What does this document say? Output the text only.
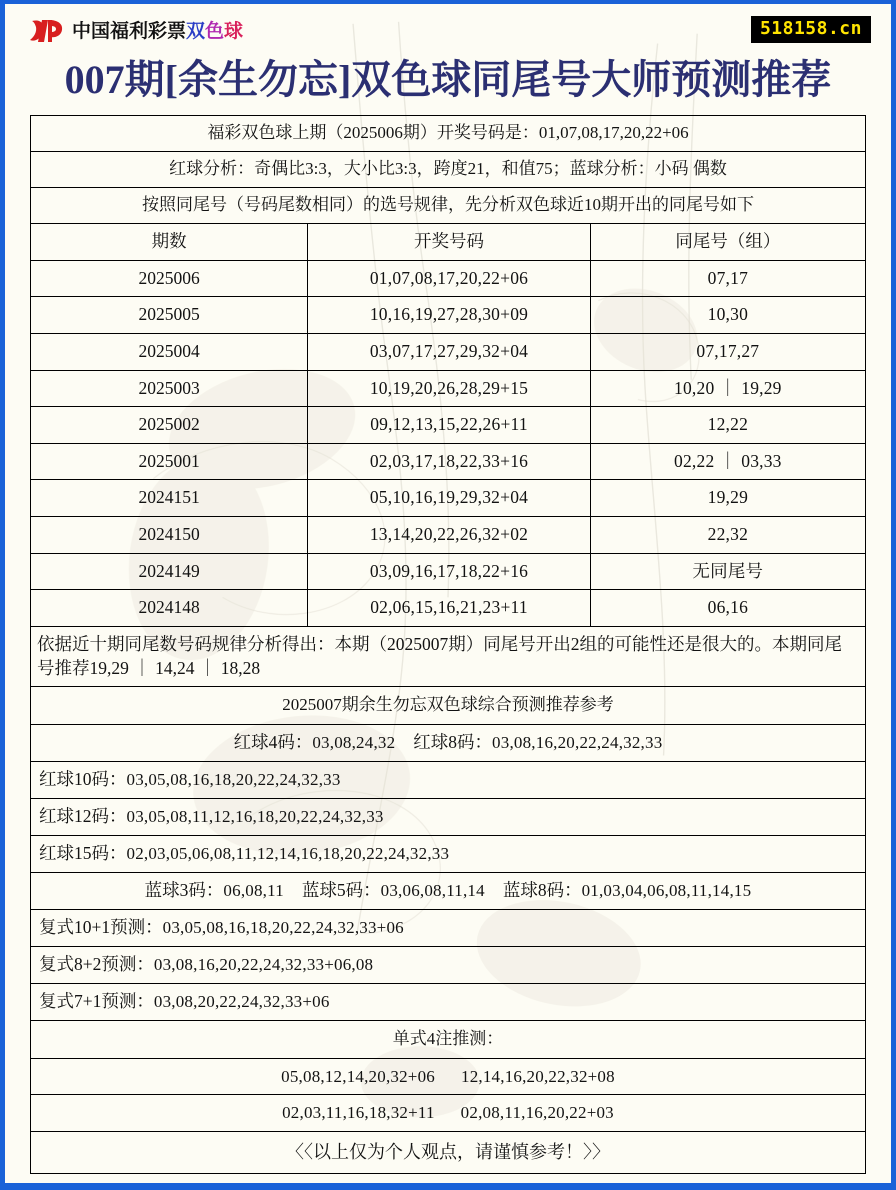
中国福利彩票双色球	518158.cn
007期[余生勿忘]双色球同尾号大师预测推荐
福彩双色球上期（2025006期）开奖号码是：01,07,08,17,20,22+06		
红球分析：奇偶比3:3，大小比3:3，跨度21，和值75；蓝球分析：小码 偶数		
按照同尾号（号码尾数相同）的选号规律，先分析双色球近10期开出的同尾号如下		
期数	开奖号码	同尾号（组）
2025006	01,07,08,17,20,22+06	07,17
2025005	10,16,19,27,28,30+09	10,30
2025004	03,07,17,27,29,32+04	07,17,27
2025003	10,19,20,26,28,29+15	10,20 ｜ 19,29
2025002	09,12,13,15,22,26+11	12,22
2025001	02,03,17,18,22,33+16	02,22 ｜ 03,33
2024151	05,10,16,19,29,32+04	19,29
2024150	13,14,20,22,26,32+02	22,32
2024149	03,09,16,17,18,22+16	无同尾号
2024148	02,06,15,16,21,23+11	06,16
依据近十期同尾数号码规律分析得出：本期（2025007期）同尾号开出2组的可能性还是很大的。本期同尾号推荐19,29 ｜ 14,24 ｜ 18,28		
2025007期余生勿忘双色球综合预测推荐参考		
红球4码：03,08,24,32 红球8码：03,08,16,20,22,24,32,33		
红球10码：03,05,08,16,18,20,22,24,32,33		
红球12码：03,05,08,11,12,16,18,20,22,24,32,33		
红球15码：02,03,05,06,08,11,12,14,16,18,20,22,24,32,33		
蓝球3码：06,08,11 蓝球5码：03,06,08,11,14 蓝球8码：01,03,04,06,08,11,14,15		
复式10+1预测：03,05,08,16,18,20,22,24,32,33+06		
复式8+2预测：03,08,16,20,22,24,32,33+06,08		
复式7+1预测：03,08,20,22,24,32,33+06		
单式4注推测：		
05,08,12,14,20,32+06 12,14,16,20,22,32+08		
02,03,11,16,18,32+11 02,08,11,16,20,22+03		
〈〈以上仅为个人观点，请谨慎参考！〉〉		
